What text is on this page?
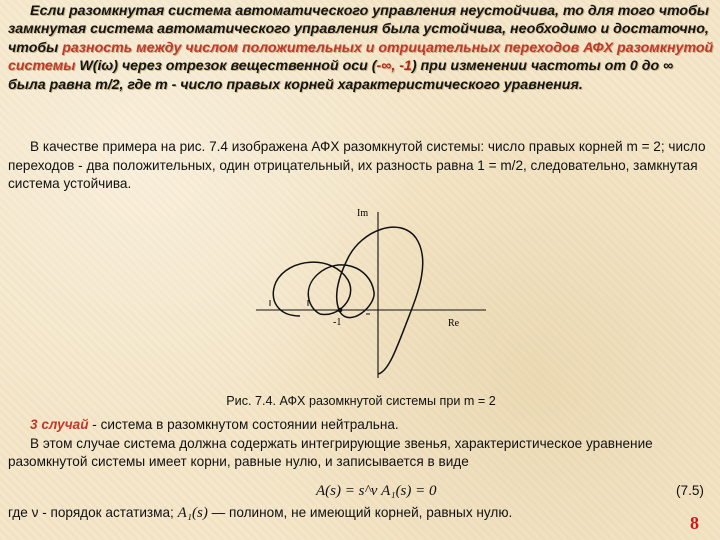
Если разомкнутая система автоматического управления неустойчива, то для того чтобы замкнутая система автоматического управления была устойчива, необходимо и достаточно, чтобы разность между числом положительных и отрицательных переходов АФХ разомкнутой системы W(iω) через отрезок вещественной оси (-∞, -1) при изменении частоты от 0 до ∞ была равна m/2, где m - число правых корней характеристического уравнения.
В качестве примера на рис. 7.4 изображена АФХ разомкнутой системы: число правых корней m = 2; число переходов - два положительных, один отрицательный, их разность равна 1 = m/2, следовательно, замкнутая система устойчива.
Im
Re
-1
Рис. 7.4. АФХ разомкнутой системы при m = 2
3 случай - система в разомкнутом состоянии нейтральна.
В этом случае система должна содержать интегрирующие звенья, характеристическое уравнение разомкнутой системы имеет корни, равные нулю, и записывается в виде
A(s) = s^ν A₁(s) = 0	(7.5)
где ν - порядок астатизма; A₁(s) — полином, не имеющий корней, равных нулю.
8
